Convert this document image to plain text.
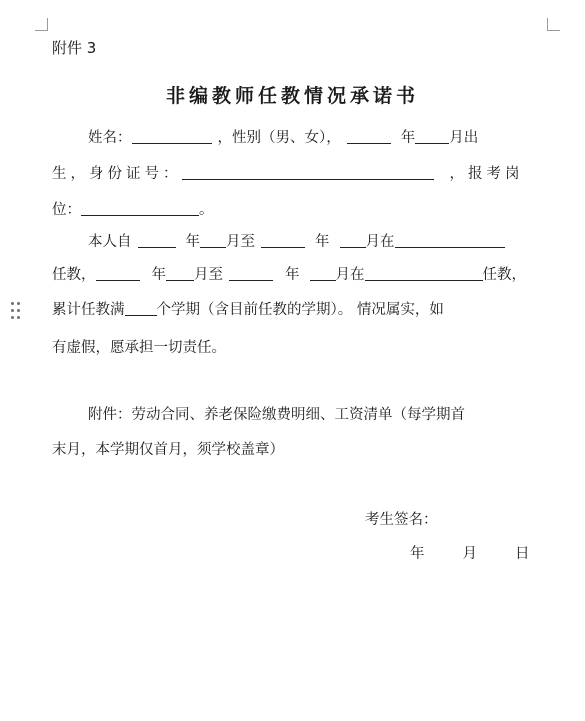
附件 3
非编教师任教情况承诺书
姓名：	，性别（男、女），	年 月出
生，身份证号：	，报考岗
位：	。
本人自	年 月至	年 月在
任教，	年 月至	年 月在	任教，
累计任教满 个学期（含目前任教的学期）。 情况属实，如
有虚假，愿承担一切责任。
附件：劳动合同、养老保险缴费明细、工资清单（每学期首
末月，本学期仅首月，须学校盖章）
考生签名：
年	月	日
